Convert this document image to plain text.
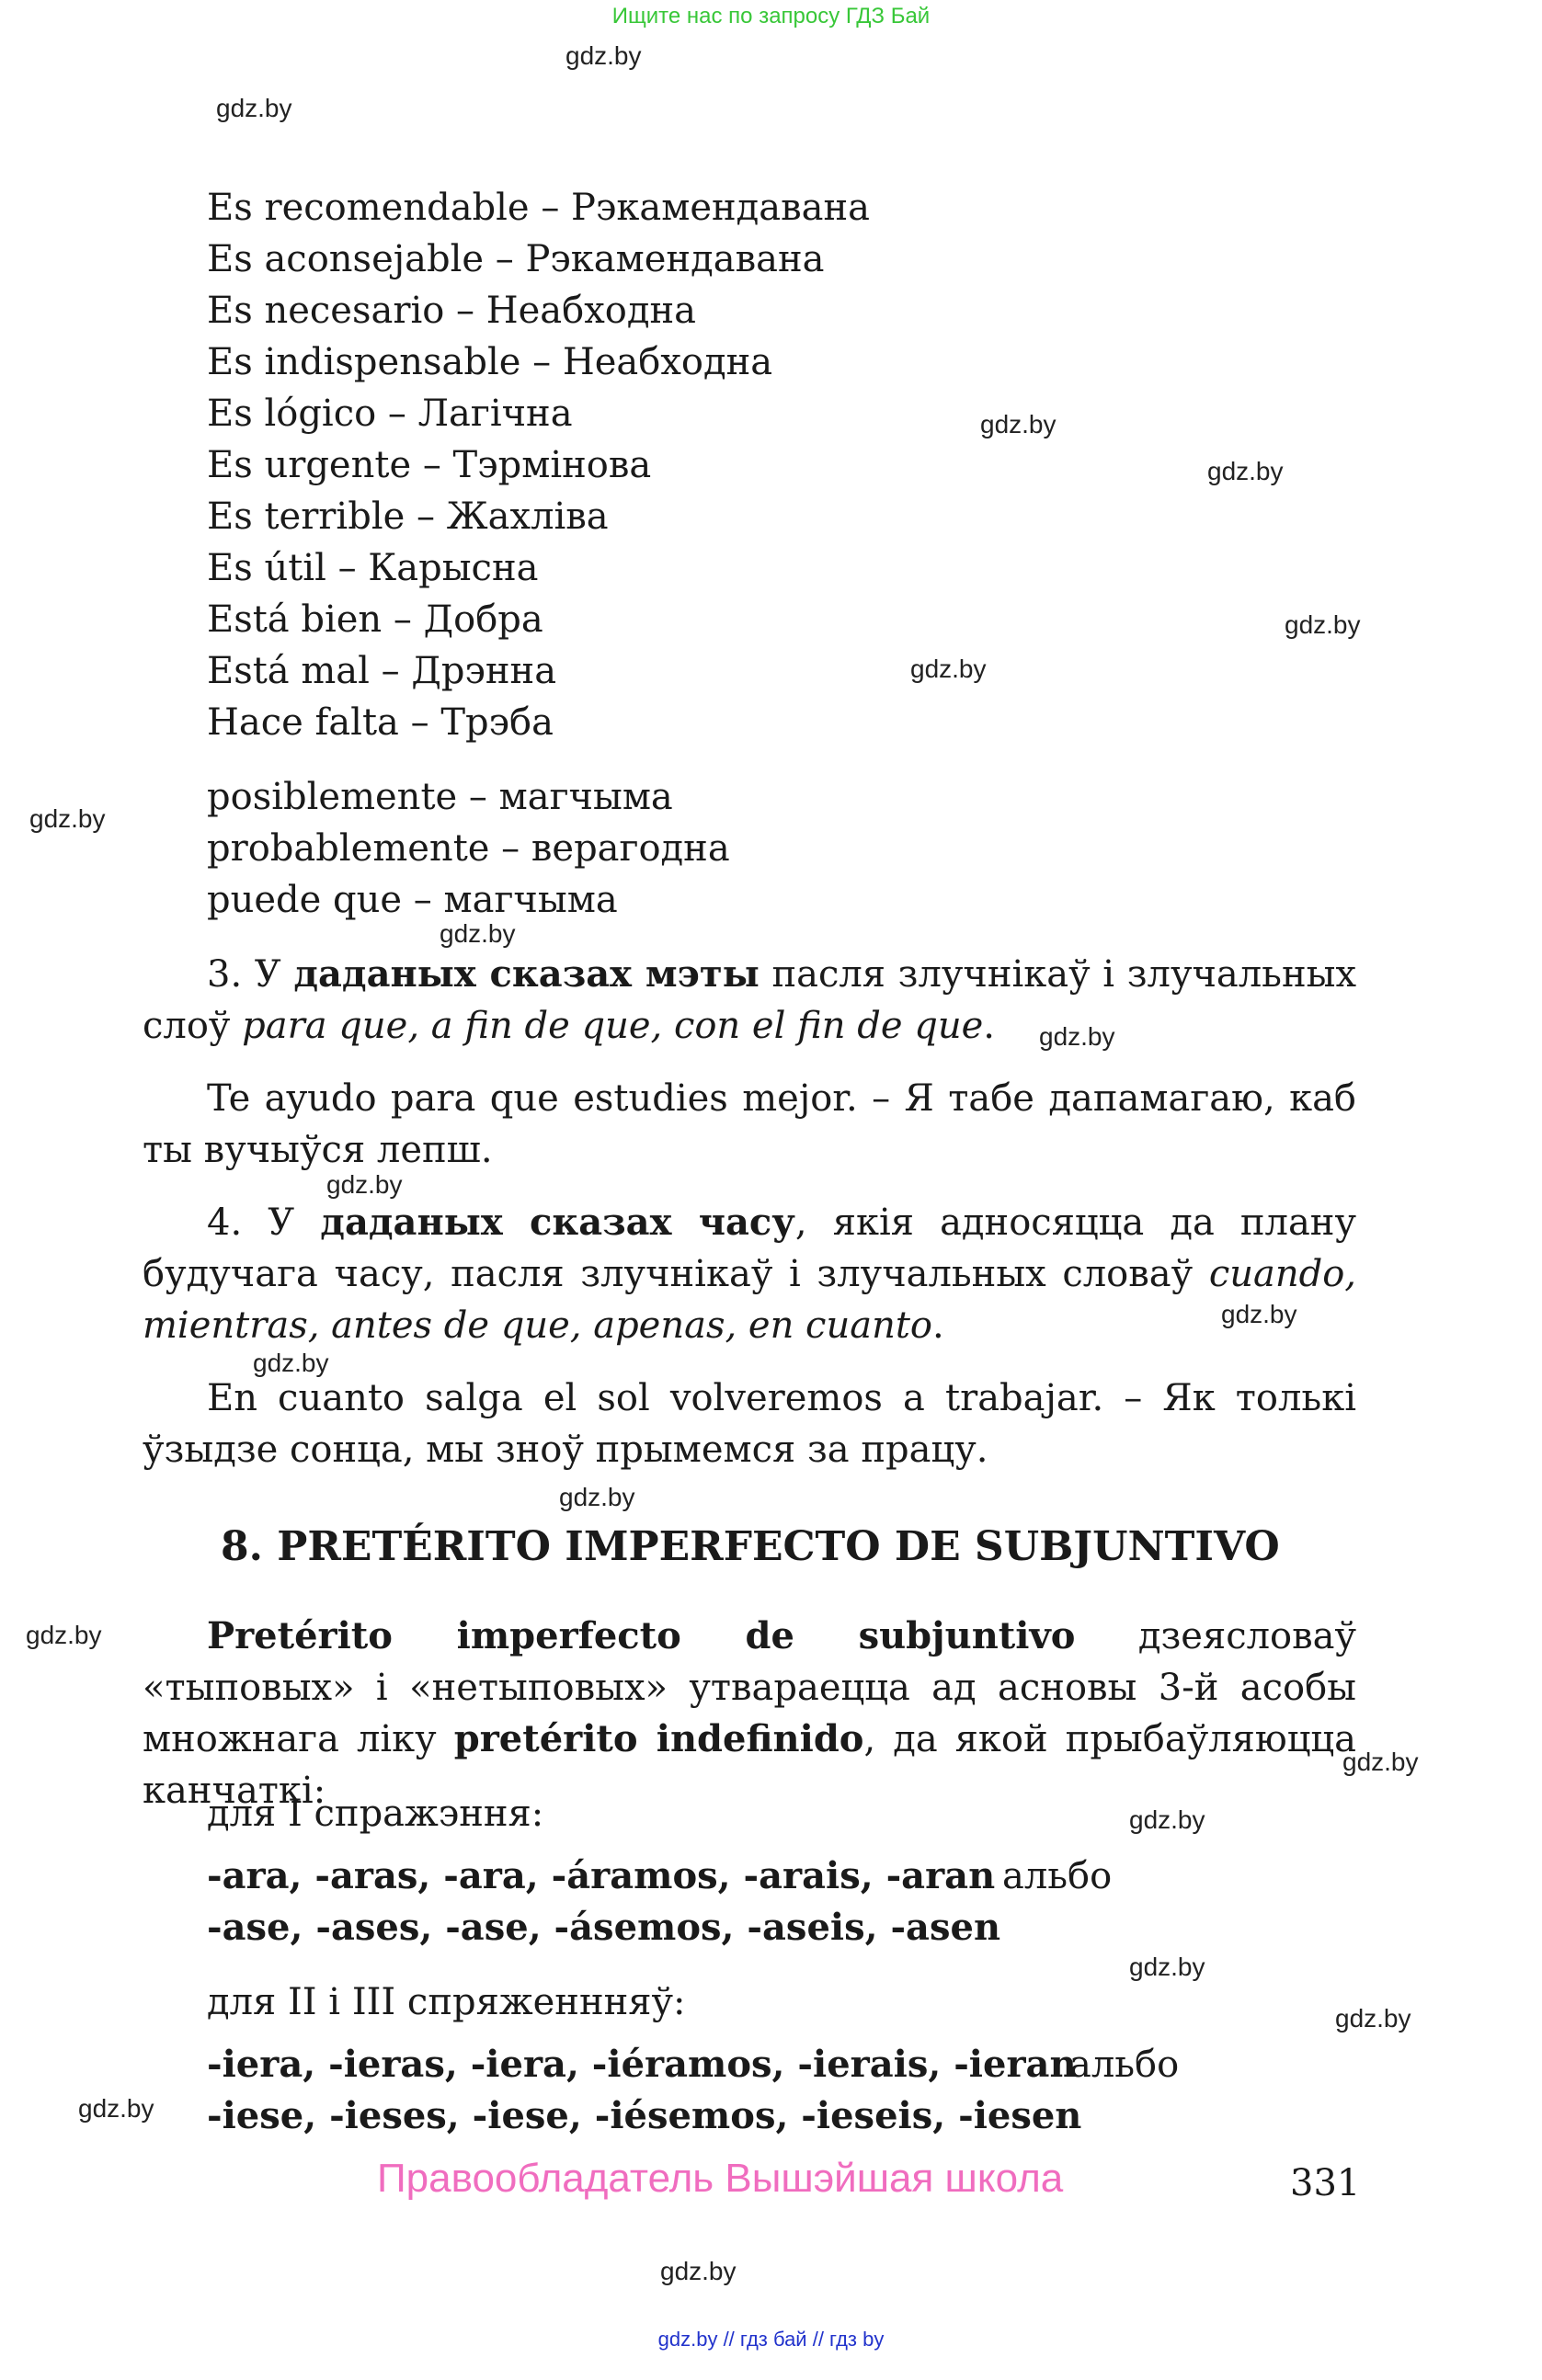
Ищите нас по запросу ГДЗ Бай
gdz.by
gdz.by
gdz.by
gdz.by
gdz.by
gdz.by
gdz.by
gdz.by
gdz.by
gdz.by
gdz.by
gdz.by
gdz.by
gdz.by
gdz.by
gdz.by
gdz.by
gdz.by
gdz.by
gdz.by
Es recomendable – Рэкамендавана
Es aconsejable – Рэкамендавана
Es necesario – Неабходна
Es indispensable – Неабходна
Es lógico – Лагічна
Es urgente – Тэрмінова
Es terrible – Жахліва
Es útil – Карысна
Está bien – Добра
Está mal – Дрэнна
Hace falta – Трэба
posiblemente – магчыма
probablemente – верагодна
puede que – магчыма
3. У даданых сказах мэты пасля злучнікаў і злучальных слоў para que, a fin de que, con el fin de que.
Te ayudo para que estudies mejor. – Я табе дапамагаю, каб ты вучыўся лепш.
4. У даданых сказах часу, якія адносяцца да плану будучага часу, пасля злучнікаў і злучальных словаў cuando, mientras, antes de que, apenas, en cuanto.
En cuanto salga el sol volveremos a trabajar. – Як толькі ўзыдзе сонца, мы зноў прымемся за працу.
8. PRETÉRITO IMPERFECTO DE SUBJUNTIVO
Pretérito imperfecto de subjuntivo дзеясловаў «тыповых» і «нетыповых» утвараецца ад асновы 3-й асобы множнага ліку pretérito indefinido, да якой прыбаўляюцца канчаткі:
для I спражэння:
-ara, -aras, -ara, -áramos, -arais, -aran альбо
-ase, -ases, -ase, -ásemos, -aseis, -asen
для II і III спряженнняў:
-iera, -ieras, -iera, -iéramos, -ierais, -ieran
альбо
-iese, -ieses, -iese, -iésemos, -ieseis, -iesen
Правообладатель Вышэйшая школа	331
gdz.by // гдз бай // гдз by
